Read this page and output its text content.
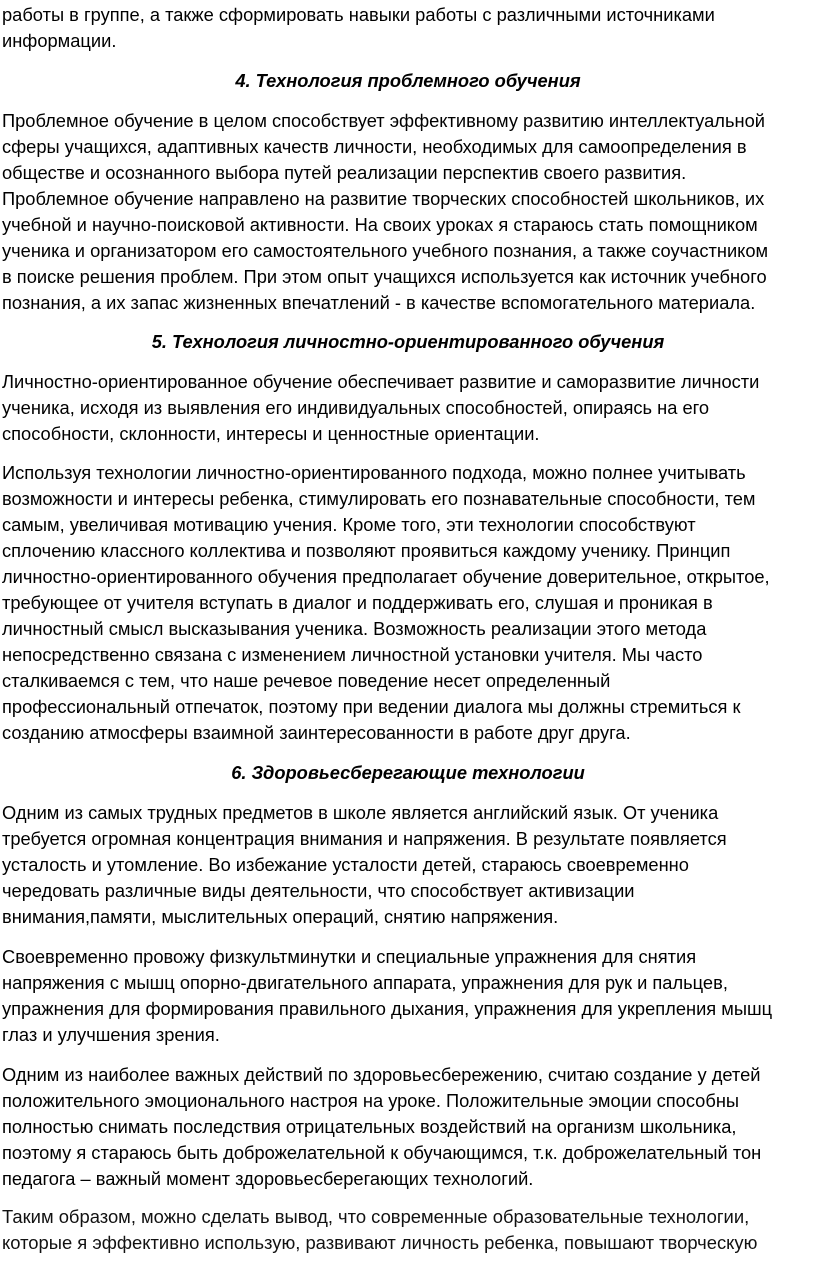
работы в группе, а также сформировать навыки работы с различными источниками
информации.
4. Технология проблемного обучения
Проблемное обучение в целом способствует эффективному развитию интеллектуальной
сферы учащихся, адаптивных качеств личности, необходимых для самоопределения в
обществе и осознанного выбора путей реализации перспектив своего развития.
Проблемное обучение направлено на развитие творческих способностей школьников, их
учебной и научно-поисковой активности. На своих уроках я стараюсь стать помощником
ученика и организатором его самостоятельного учебного познания, а также соучастником
в поиске решения проблем. При этом опыт учащихся используется как источник учебного
познания, а их запас жизненных впечатлений - в качестве вспомогательного материала.
5. Технология личностно-ориентированного обучения
Личностно-ориентированное обучение обеспечивает развитие и саморазвитие личности
ученика, исходя из выявления его индивидуальных способностей, опираясь на его
способности, склонности, интересы и ценностные ориентации.
Используя технологии личностно-ориентированного подхода, можно полнее учитывать
возможности и интересы ребенка, стимулировать его познавательные способности, тем
самым, увеличивая мотивацию учения. Кроме того, эти технологии способствуют
сплочению классного коллектива и позволяют проявиться каждому ученику. Принцип
личностно-ориентированного обучения предполагает обучение доверительное, открытое,
требующее от учителя вступать в диалог и поддерживать его, слушая и проникая в
личностный смысл высказывания ученика. Возможность реализации этого метода
непосредственно связана с изменением личностной установки учителя. Мы часто
сталкиваемся с тем, что наше речевое поведение несет определенный
профессиональный отпечаток, поэтому при ведении диалога мы должны стремиться к
созданию атмосферы взаимной заинтересованности в работе друг друга.
6. Здоровьесберегающие технологии
Одним из самых трудных предметов в школе является английский язык. От ученика
требуется огромная концентрация внимания и напряжения. В результате появляется
усталость и утомление. Во избежание усталости детей, стараюсь своевременно
чередовать различные виды деятельности, что способствует активизации
внимания,памяти, мыслительных операций, снятию напряжения.
Своевременно провожу физкультминутки и специальные упражнения для снятия
напряжения с мышц опорно-двигательного аппарата, упражнения для рук и пальцев,
упражнения для формирования правильного дыхания, упражнения для укрепления мышц
глаз и улучшения зрения.
Одним из наиболее важных действий по здоровьесбережению, считаю создание у детей
положительного эмоционального настроя на уроке. Положительные эмоции способны
полностью снимать последствия отрицательных воздействий на организм школьника,
поэтому я стараюсь быть доброжелательной к обучающимся, т.к. доброжелательный тон
педагога – важный момент здоровьесберегающих технологий.
Таким образом, можно сделать вывод, что современные образовательные технологии,
которые я эффективно использую, развивают личность ребенка, повышают творческую
